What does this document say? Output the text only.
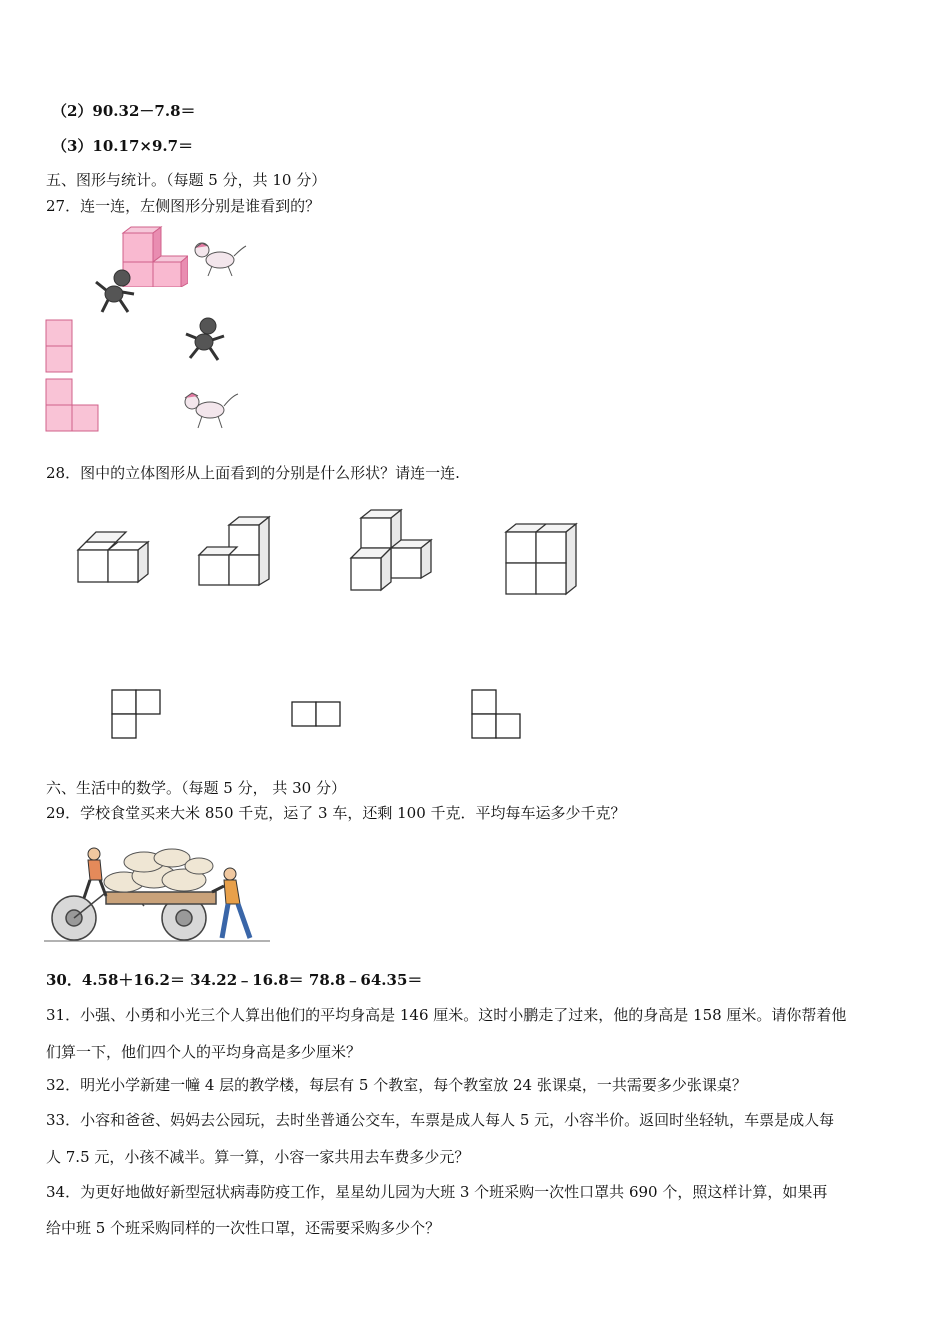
（2）90.32－7.8＝
（3）10.17×9.7＝
五、图形与统计。（每题 5 分，共 10 分）
27．连一连，左侧图形分别是谁看到的？
28．图中的立体图形从上面看到的分别是什么形状？请连一连.
六、生活中的数学。（每题 5 分， 共 30 分）
29．学校食堂买来大米 850 千克，运了 3 车，还剩 100 千克．平均每车运多少千克？
30．4.58＋16.2＝ 34.22﹣16.8＝ 78.8﹣64.35＝
31．小强、小勇和小光三个人算出他们的平均身高是 146 厘米。这时小鹏走了过来，他的身高是 158 厘米。请你帮着他
们算一下，他们四个人的平均身高是多少厘米？
32．明光小学新建一幢 4 层的教学楼，每层有 5 个教室，每个教室放 24 张课桌，一共需要多少张课桌？
33．小容和爸爸、妈妈去公园玩，去时坐普通公交车，车票是成人每人 5 元，小容半价。返回时坐轻轨，车票是成人每
人 7.5 元，小孩不减半。算一算，小容一家共用去车费多少元？
34．为更好地做好新型冠状病毒防疫工作，星星幼儿园为大班 3 个班采购一次性口罩共 690 个，照这样计算，如果再
给中班 5 个班采购同样的一次性口罩，还需要采购多少个？
